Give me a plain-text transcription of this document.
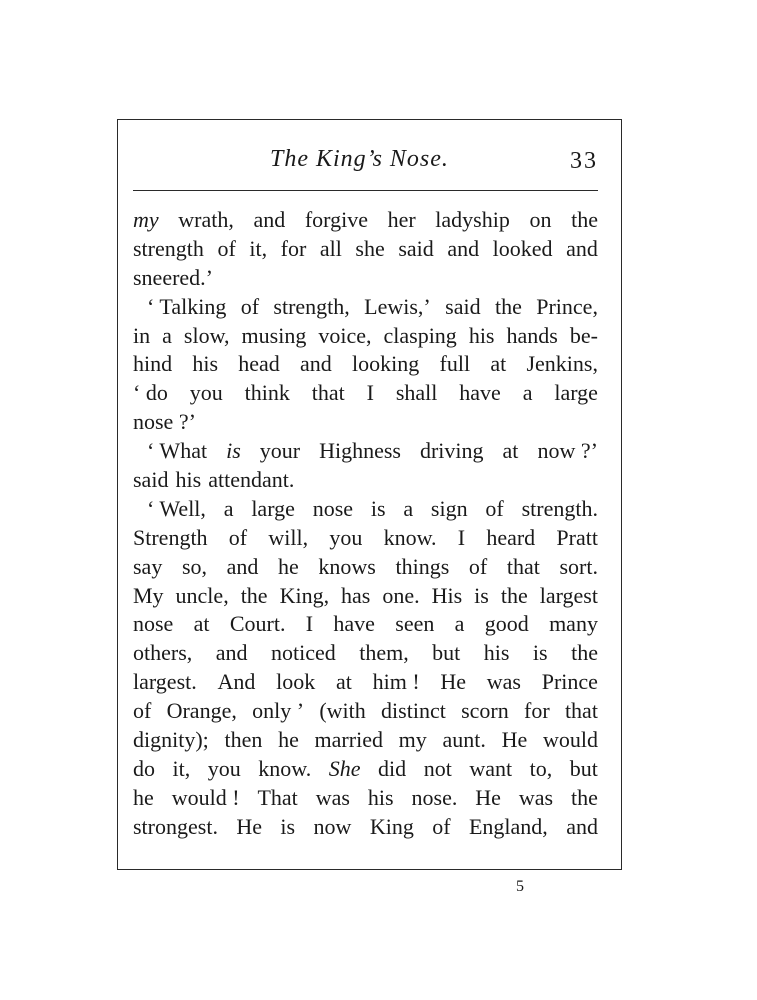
The King’s Nose.	33
my wrath, and forgive her ladyship on the
strength of it, for all she said and looked and
sneered.’
‘ Talking of strength, Lewis,’ said the Prince,
in a slow, musing voice, clasping his hands be-
hind his head and looking full at Jenkins,
‘ do you think that I shall have a large
nose ?’
‘ What is your Highness driving at now ?’
said his attendant.
‘ Well, a large nose is a sign of strength.
Strength of will, you know. I heard Pratt
say so, and he knows things of that sort.
My uncle, the King, has one. His is the largest
nose at Court. I have seen a good many
others, and noticed them, but his is the
largest. And look at him ! He was Prince
of Orange, only ’ (with distinct scorn for that
dignity); then he married my aunt. He would
do it, you know. She did not want to, but
he would ! That was his nose. He was the
strongest. He is now King of England, and
5
